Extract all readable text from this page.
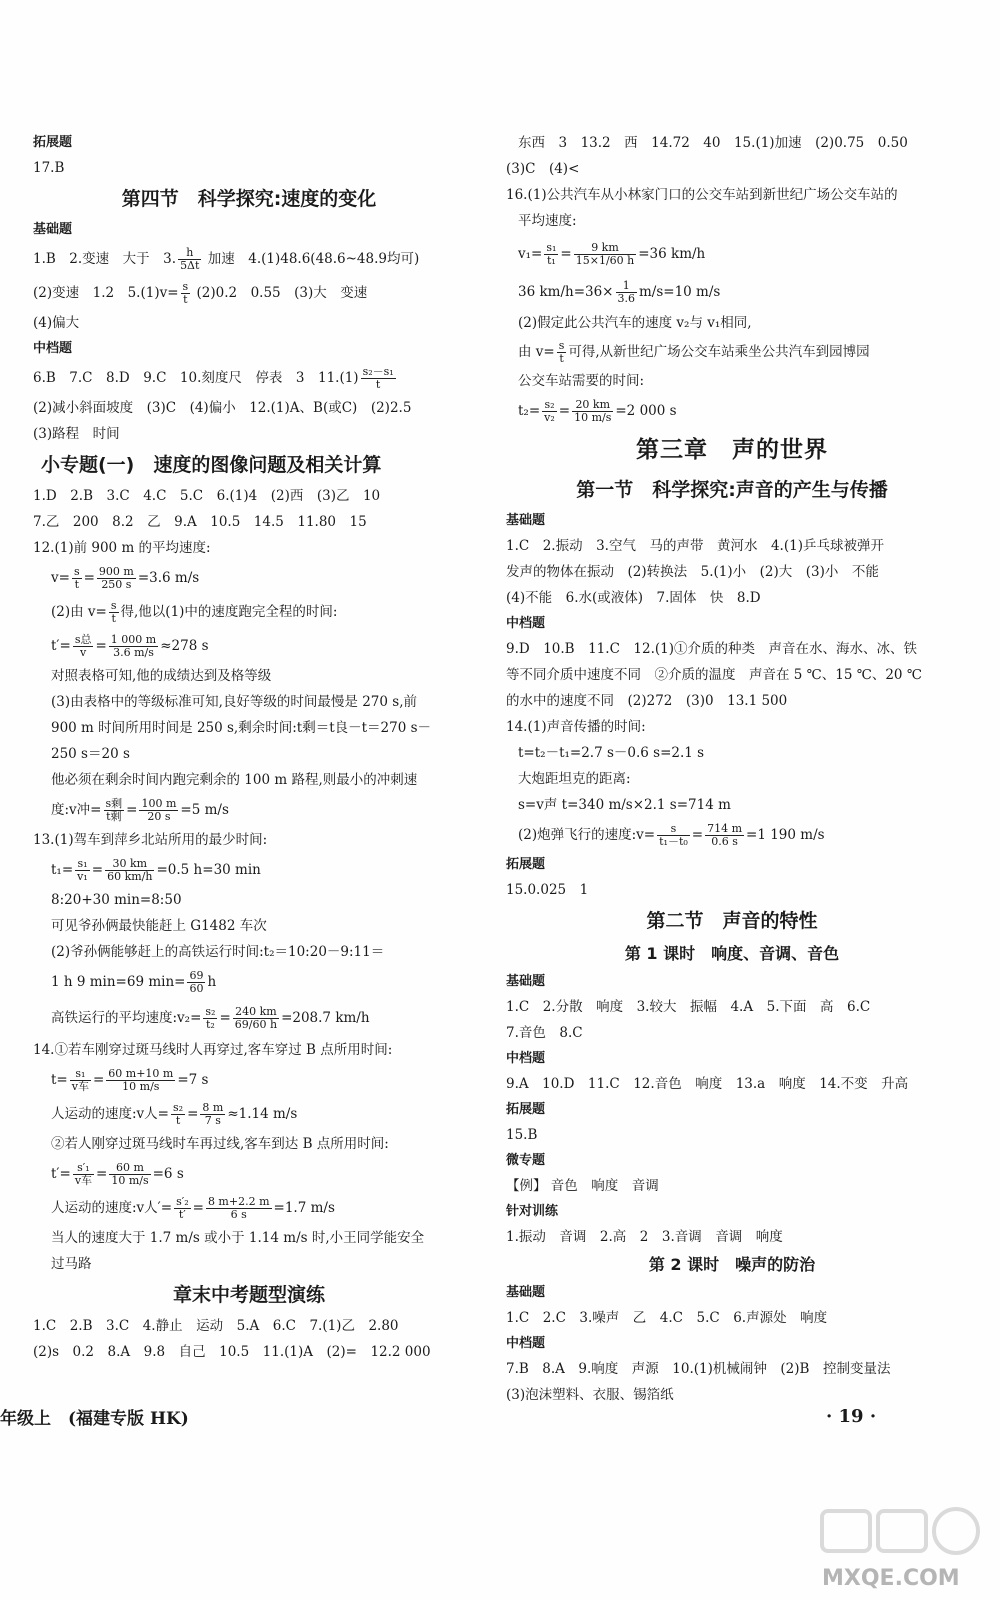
拓展题
17.B
第四节　科学探究:速度的变化
基础题
1.B　2.变速　大于　3. $\frac{h}{5\Delta t}$ 加速　4.(1)48.6(48.6~48.9均可)
(2)变速　1.2　$5.(1)v= \frac{s}{t} (2)0.2$　0.55　(3)大　变速
(4)偏大
中档题
6.B　7.C　8.D　9.C　10.刻度尺　停表　3　$11.(1) \frac{\text{s₂－s₁}}{t}$
(2)减小斜面坡度　(3)C　(4)偏小　12.(1)A、B(或C)　(2)2.5
(3)路程　时间
小专题(一)　速度的图像问题及相关计算
1.D　2.B　3.C　4.C　5.C　6.(1)4　(2)西　(3)乙　10
7.乙　200　8.2　乙　9.A　10.5　14.5　11.80　15
12.(1)前 900 m 的平均速度:
$v= \frac{s}{t} = \frac{900 m}{250 s} =3.6$ m/s
(2)由 $v= \frac{s}{t}$ 得,他以(1)中的速度跑完全程的时间:
$t'= \frac{\text{s总}}{v} = \frac{1 000 m}{3.6 m/s} \approx 278$ s
对照表格可知,他的成绩达到及格等级
(3)由表格中的等级标准可知,良好等级的时间最慢是 270 s,前
900 m 时间所用时间是 250 s,剩余时间:t剩＝t良－t＝270 s－
250 s＝20 s
他必须在剩余时间内跑完剩余的 100 m 路程,则最小的冲刺速
度:v冲= $\frac{\text{s剩}}{\text{t剩}} = \frac{100 m}{20 s} =5$ m/s
13.(1)驾车到萍乡北站所用的最少时间:
$t_1= \frac{\text{s₁}}{\text{v₁}} = \frac{30 km}{60 km/h} =0.5$ h=30 min
8:20+30 min=8:50
可见爷孙俩最快能赶上 G1482 车次
(2)爷孙俩能够赶上的高铁运行时间:t₂＝10:20－9:11＝
1 h 9 min=69 $\min= \frac{69}{60}$ h
高铁运行的平均速度:v₂= $\frac{\text{s₂}}{\text{t₂}} = \frac{240 km}{69/60 h} =208.7$ km/h
14.①若车刚穿过斑马线时人再穿过,客车穿过 B 点所用时间:
$t= \frac{\text{s₁}}{\text{v车}} = \frac{60 m+10 m}{10 m/s} =7$ s
人运动的速度:v人= $\frac{\text{s₂}}{t} = \frac{8 m}{7 s} \approx 1.14$ m/s
②若人刚穿过斑马线时车再过线,客车到达 B 点所用时间:
$t'= \frac{\text{s′₁}}{\text{v车}} = \frac{60 m}{10 m/s} =6$ s
人运动的速度:v人′= $\frac{\text{s′₂}}{t'} = \frac{8 m+2.2 m}{6 s} =1.7$ m/s
当人的速度大于 1.7 m/s 或小于 1.14 m/s 时,小王同学能安全
过马路
章末中考题型演练
1.C　2.B　3.C　4.静止　运动　5.A　6.C　7.(1)乙　2.80
(2)s　0.2　8.A　9.8　自己　10.5　11.(1)A　(2)=　12.2 000
东西　3　13.2　西　14.72　40　15.(1)加速　(2)0.75　0.50
(3)C　(4)<
16.(1)公共汽车从小林家门口的公交车站到新世纪广场公交车站的
平均速度:
$v_1= \frac{\text{s₁}}{\text{t₁}} = \frac{9 km}{15\times 1/60 h} =36$ km/h
36 $km/h=36\times \frac{1}{3.6} m/s=10$ m/s
(2)假定此公共汽车的速度 v₂与 v₁相同,
由 $v= \frac{s}{t}$ 可得,从新世纪广场公交车站乘坐公共汽车到园博园
公交车站需要的时间:
$t_2= \frac{\text{s₂}}{\text{v₂}} = \frac{20 km}{10 m/s} =2$ 000 s
第三章　声的世界
第一节　科学探究:声音的产生与传播
基础题
1.C　2.振动　3.空气　马的声带　黄河水　4.(1)乒乓球被弹开
发声的物体在振动　(2)转换法　5.(1)小　(2)大　(3)小　不能
(4)不能　6.水(或液体)　7.固体　快　8.D
中档题
9.D　10.B　11.C　12.(1)①介质的种类　声音在水、海水、冰、铁
等不同介质中速度不同　②介质的温度　声音在 5 ℃、15 ℃、20 ℃
的水中的速度不同　(2)272　(3)0　13.1 500
14.(1)声音传播的时间:
t=t₂－t₁=2.7 s－0.6 s=2.1 s
大炮距坦克的距离:
s=v声 t=340 m/s×2.1 s=714 m
(2)炮弹飞行的速度:v= $\frac{s}{\text{t₁－t₀}} = \frac{714 m}{0.6 s} =1$ 190 m/s
拓展题
15.0.025　1
第二节　声音的特性
第 1 课时　响度、音调、音色
基础题
1.C　2.分散　响度　3.较大　振幅　4.A　5.下面　高　6.C
7.音色　8.C
中档题
9.A　10.D　11.C　12.音色　响度　13.a　响度　14.不变　升高
拓展题
15.B
微专题
【例】 音色　响度　音调
针对训练
1.振动　音调　2.高　2　3.音调　音调　响度
第 2 课时　噪声的防治
基础题
1.C　2.C　3.噪声　乙　4.C　5.C　6.声源处　响度
中档题
7.B　8.A　9.响度　声源　10.(1)机械闹钟　(2)B　控制变量法
(3)泡沫塑料、衣服、锡箔纸
年级上　(福建专版 HK)	· 19 ·
MXQE.COM
